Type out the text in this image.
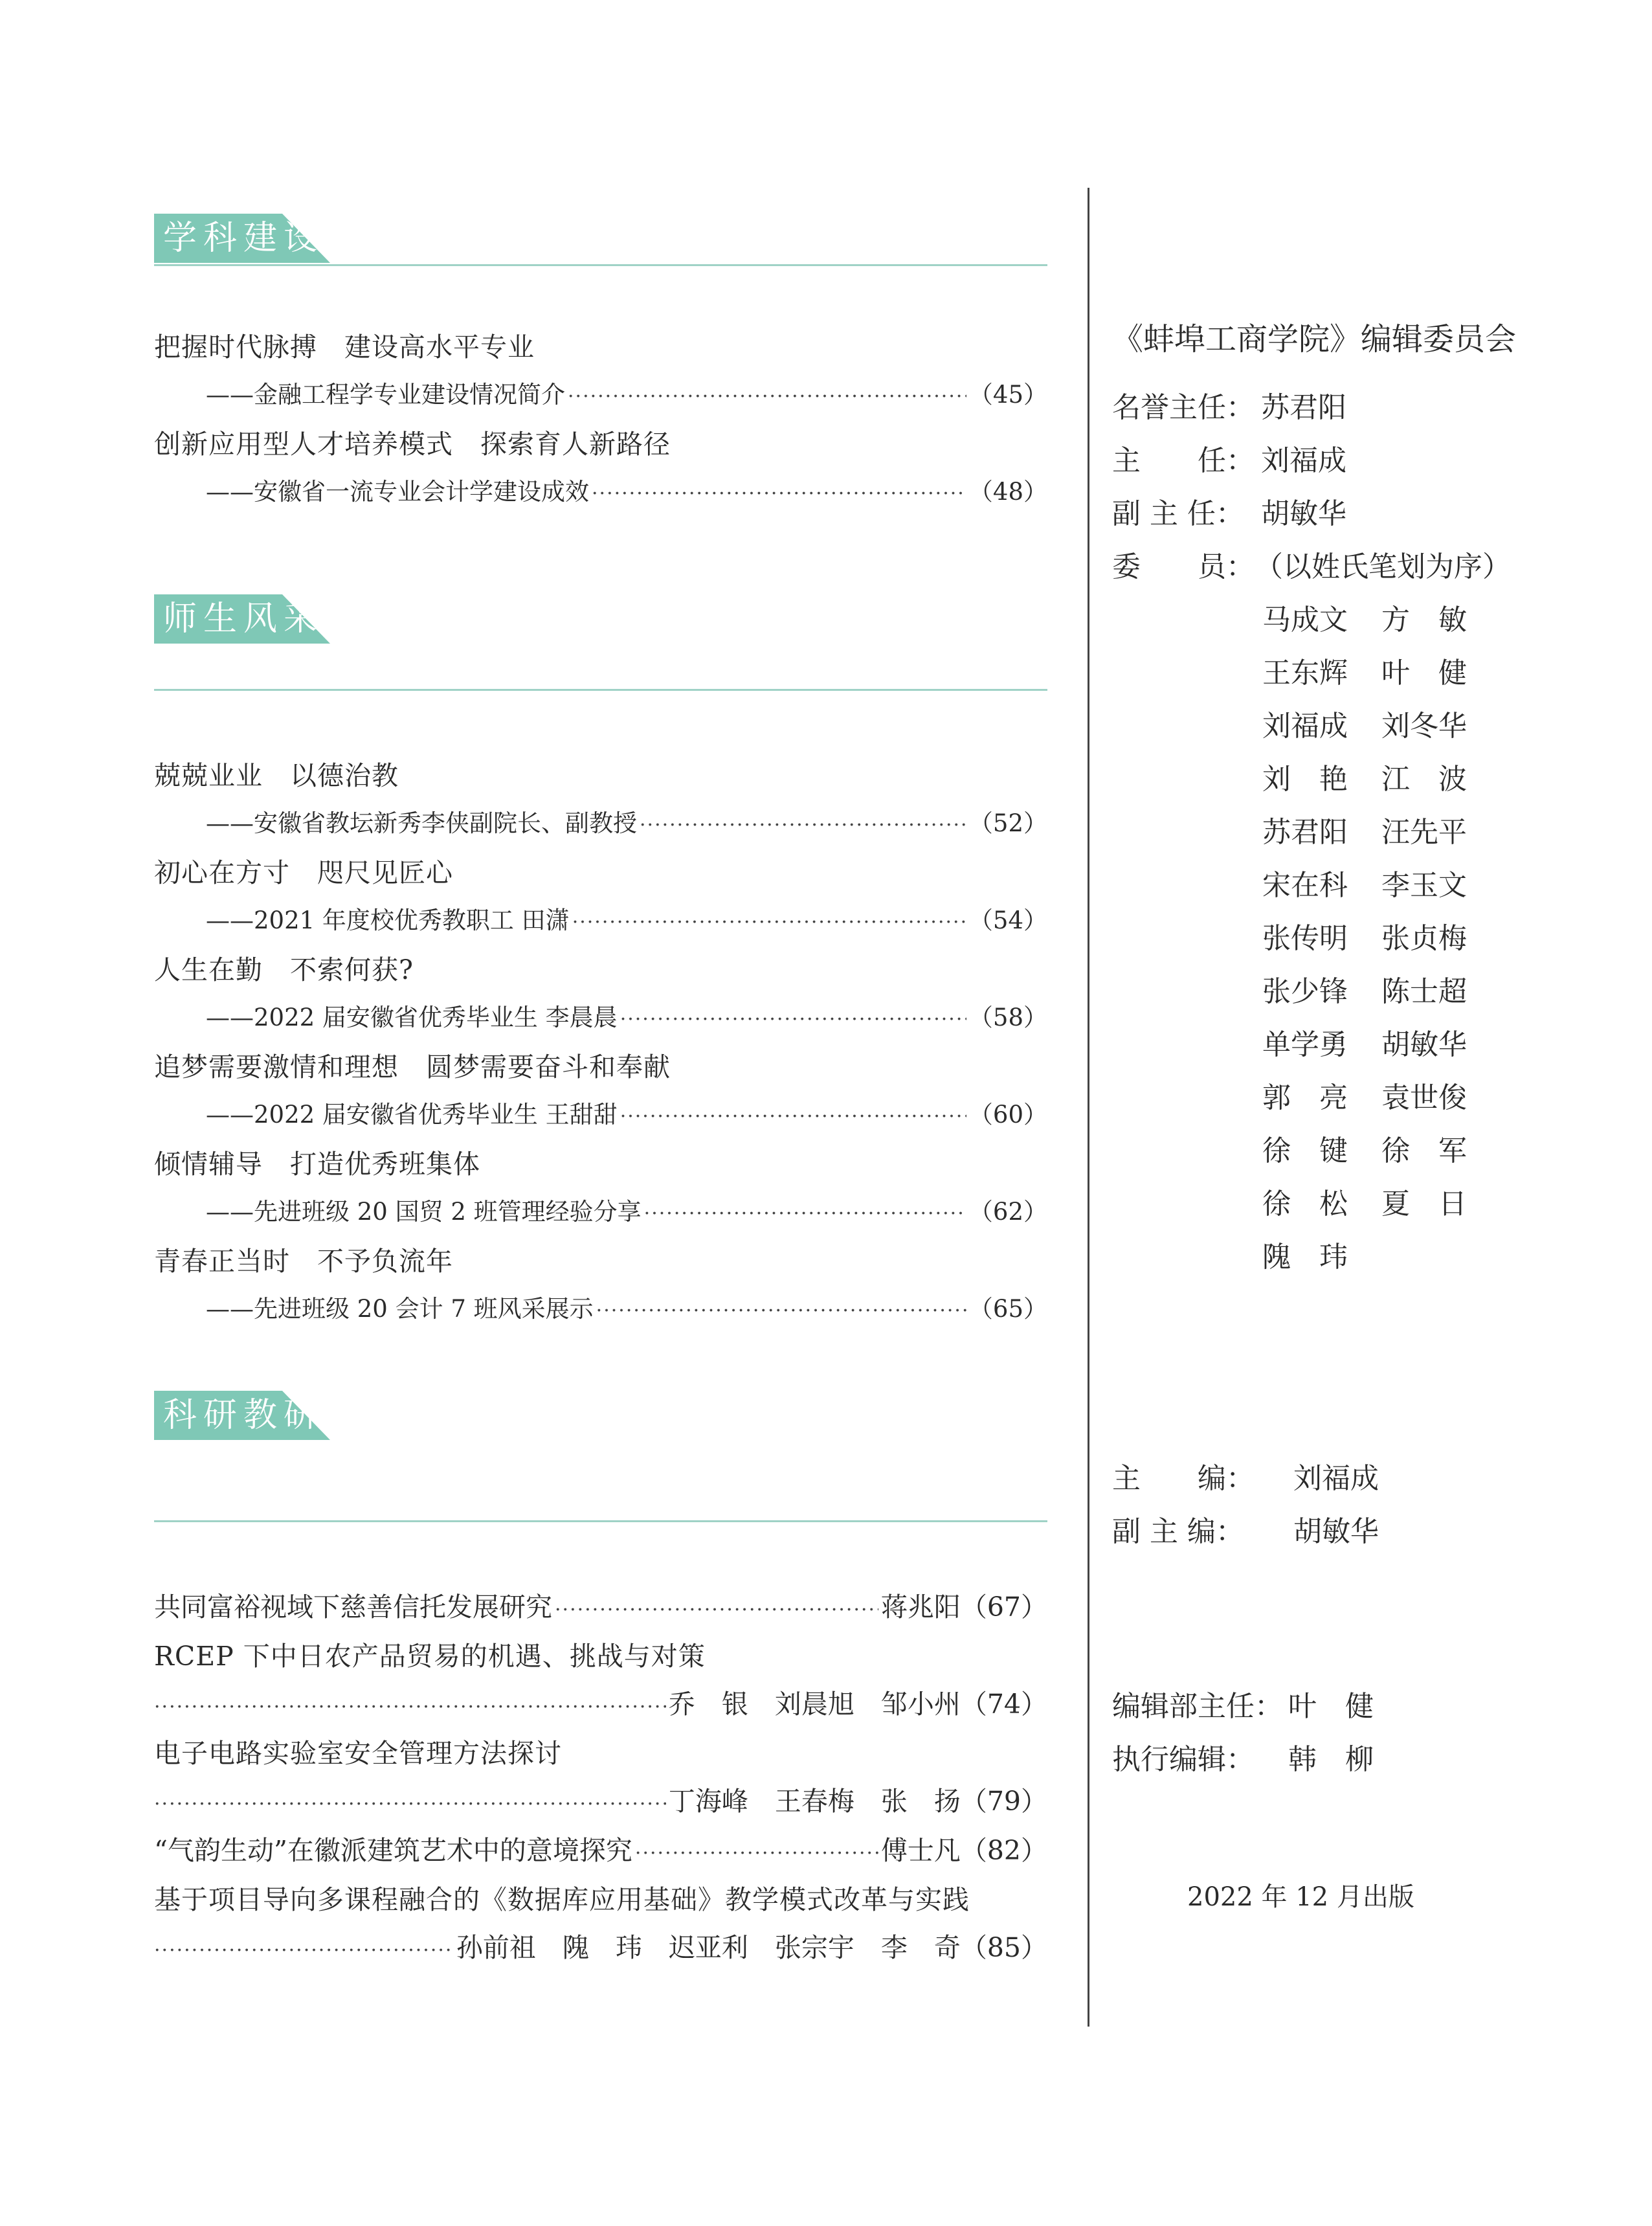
学科建设
把握时代脉搏　建设高水平专业
——金融工程学专业建设情况简介 ·····	（45）
创新应用型人才培养模式　探索育人新路径
——安徽省一流专业会计学建设成效 ·····	（48）
师生风采
兢兢业业　以德治教
——安徽省教坛新秀李侠副院长、副教授 ·····	（52）
初心在方寸　咫尺见匠心
——2021 年度校优秀教职工 田潇 ·····	（54）
人生在勤　不索何获?
——2022 届安徽省优秀毕业生 李晨晨 ·····	（58）
追梦需要激情和理想　圆梦需要奋斗和奉献
——2022 届安徽省优秀毕业生 王甜甜 ·····	（60）
倾情辅导　打造优秀班集体
——先进班级 20 国贸 2 班管理经验分享 ·····	（62）
青春正当时　不予负流年
——先进班级 20 会计 7 班风采展示 ·····	（65）
科研教研
共同富裕视域下慈善信托发展研究 ·····	蒋兆阳 （67）
RCEP 下中日农产品贸易的机遇、挑战与对策
·····
乔　银　刘晨旭　邹小州 （74）
电子电路实验室安全管理方法探讨
·····
丁海峰　王春梅　张　扬 （79）
“气韵生动”在徽派建筑艺术中的意境探究 ·····	傅士凡 （82）
基于项目导向多课程融合的《数据库应用基础》教学模式改革与实践
·····
孙前祖　隗　玮　迟亚利　张宗宇　李　奇 （85）
《蚌埠工商学院》编辑委员会
名誉主任： 苏君阳
主　　任： 刘福成
副 主 任： 胡敏华
委　　员： （以姓氏笔划为序）
马成文 方　敏
王东辉 叶　健
刘福成 刘冬华
刘　艳 江　波
苏君阳 汪先平
宋在科 李玉文
张传明 张贞梅
张少锋 陈士超
单学勇 胡敏华
郭　亮 袁世俊
徐　键 徐　军
徐　松 夏　日
隗　玮
主　　编： 刘福成
副 主 编： 胡敏华
编辑部主任： 叶　健
执行编辑： 韩　柳
2022 年 12 月出版
